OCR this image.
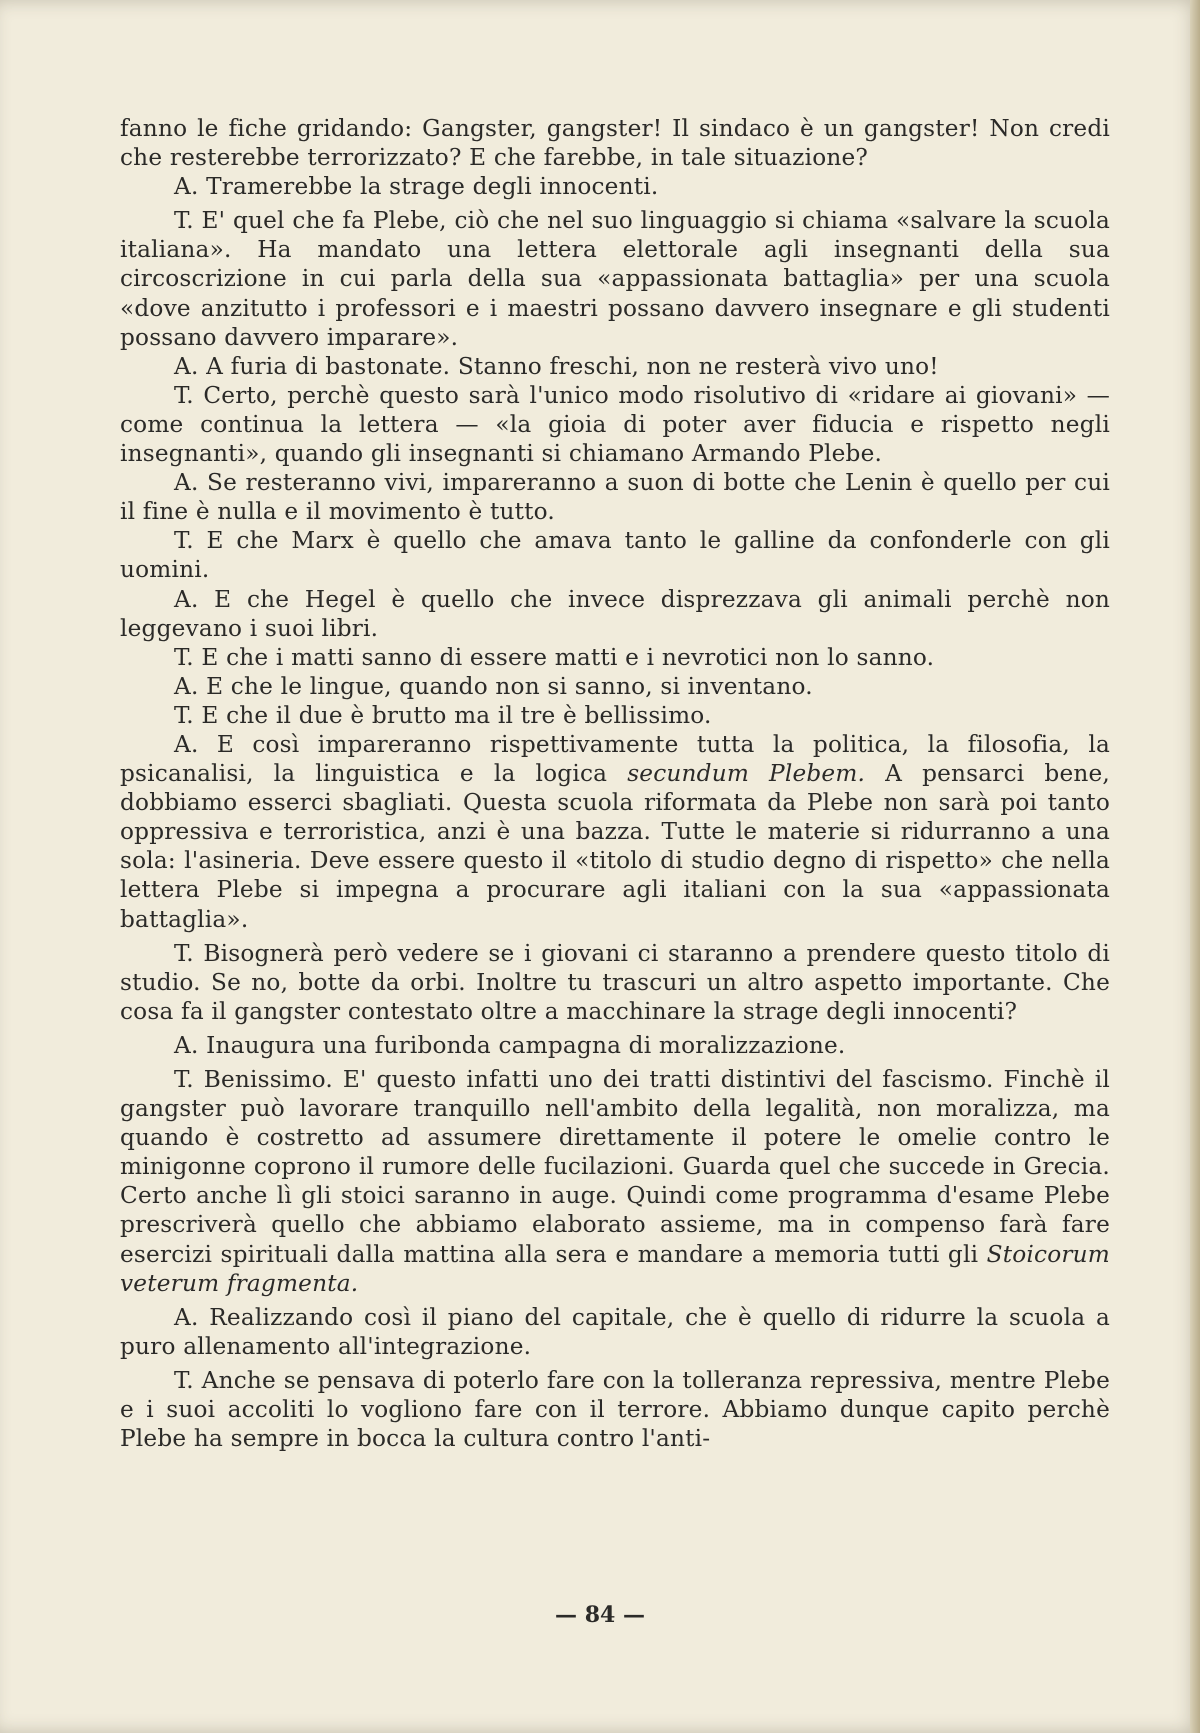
fanno le fiche gridando: Gangster, gangster! Il sindaco è un gangster! Non credi che resterebbe terrorizzato? E che farebbe, in tale situazione?

A. Tramerebbe la strage degli innocenti.

T. E' quel che fa Plebe, ciò che nel suo linguaggio si chiama «salvare la scuola italiana». Ha mandato una lettera elettorale agli insegnanti della sua circoscrizione in cui parla della sua «appassionata battaglia» per una scuola «dove anzitutto i professori e i maestri possano davvero insegnare e gli studenti possano davvero imparare».

A. A furia di bastonate. Stanno freschi, non ne resterà vivo uno!

T. Certo, perchè questo sarà l'unico modo risolutivo di «ridare ai giovani» — come continua la lettera — «la gioia di poter aver fiducia e rispetto negli insegnanti», quando gli insegnanti si chiamano Armando Plebe.

A. Se resteranno vivi, impareranno a suon di botte che Lenin è quello per cui il fine è nulla e il movimento è tutto.

T. E che Marx è quello che amava tanto le galline da confonderle con gli uomini.

A. E che Hegel è quello che invece disprezzava gli animali perchè non leggevano i suoi libri.

T. E che i matti sanno di essere matti e i nevrotici non lo sanno.

A. E che le lingue, quando non si sanno, si inventano.

T. E che il due è brutto ma il tre è bellissimo.

A. E così impareranno rispettivamente tutta la politica, la filosofia, la psicanalisi, la linguistica e la logica secundum Plebem. A pensarci bene, dobbiamo esserci sbagliati. Questa scuola riformata da Plebe non sarà poi tanto oppressiva e terroristica, anzi è una bazza. Tutte le materie si ridurranno a una sola: l'asineria. Deve essere questo il «titolo di studio degno di rispetto» che nella lettera Plebe si impegna a procurare agli italiani con la sua «appassionata battaglia».

T. Bisognerà però vedere se i giovani ci staranno a prendere questo titolo di studio. Se no, botte da orbi. Inoltre tu trascuri un altro aspetto importante. Che cosa fa il gangster contestato oltre a macchinare la strage degli innocenti?

A. Inaugura una furibonda campagna di moralizzazione.

T. Benissimo. E' questo infatti uno dei tratti distintivi del fascismo. Finchè il gangster può lavorare tranquillo nell'ambito della legalità, non moralizza, ma quando è costretto ad assumere direttamente il potere le omelie contro le minigonne coprono il rumore delle fucilazioni. Guarda quel che succede in Grecia. Certo anche lì gli stoici saranno in auge. Quindi come programma d'esame Plebe prescriverà quello che abbiamo elaborato assieme, ma in compenso farà fare esercizi spirituali dalla mattina alla sera e mandare a memoria tutti gli Stoicorum veterum fragmenta.

A. Realizzando così il piano del capitale, che è quello di ridurre la scuola a puro allenamento all'integrazione.

T. Anche se pensava di poterlo fare con la tolleranza repressiva, mentre Plebe e i suoi accoliti lo vogliono fare con il terrore. Abbiamo dunque capito perchè Plebe ha sempre in bocca la cultura contro l'anti-

— 84 —
